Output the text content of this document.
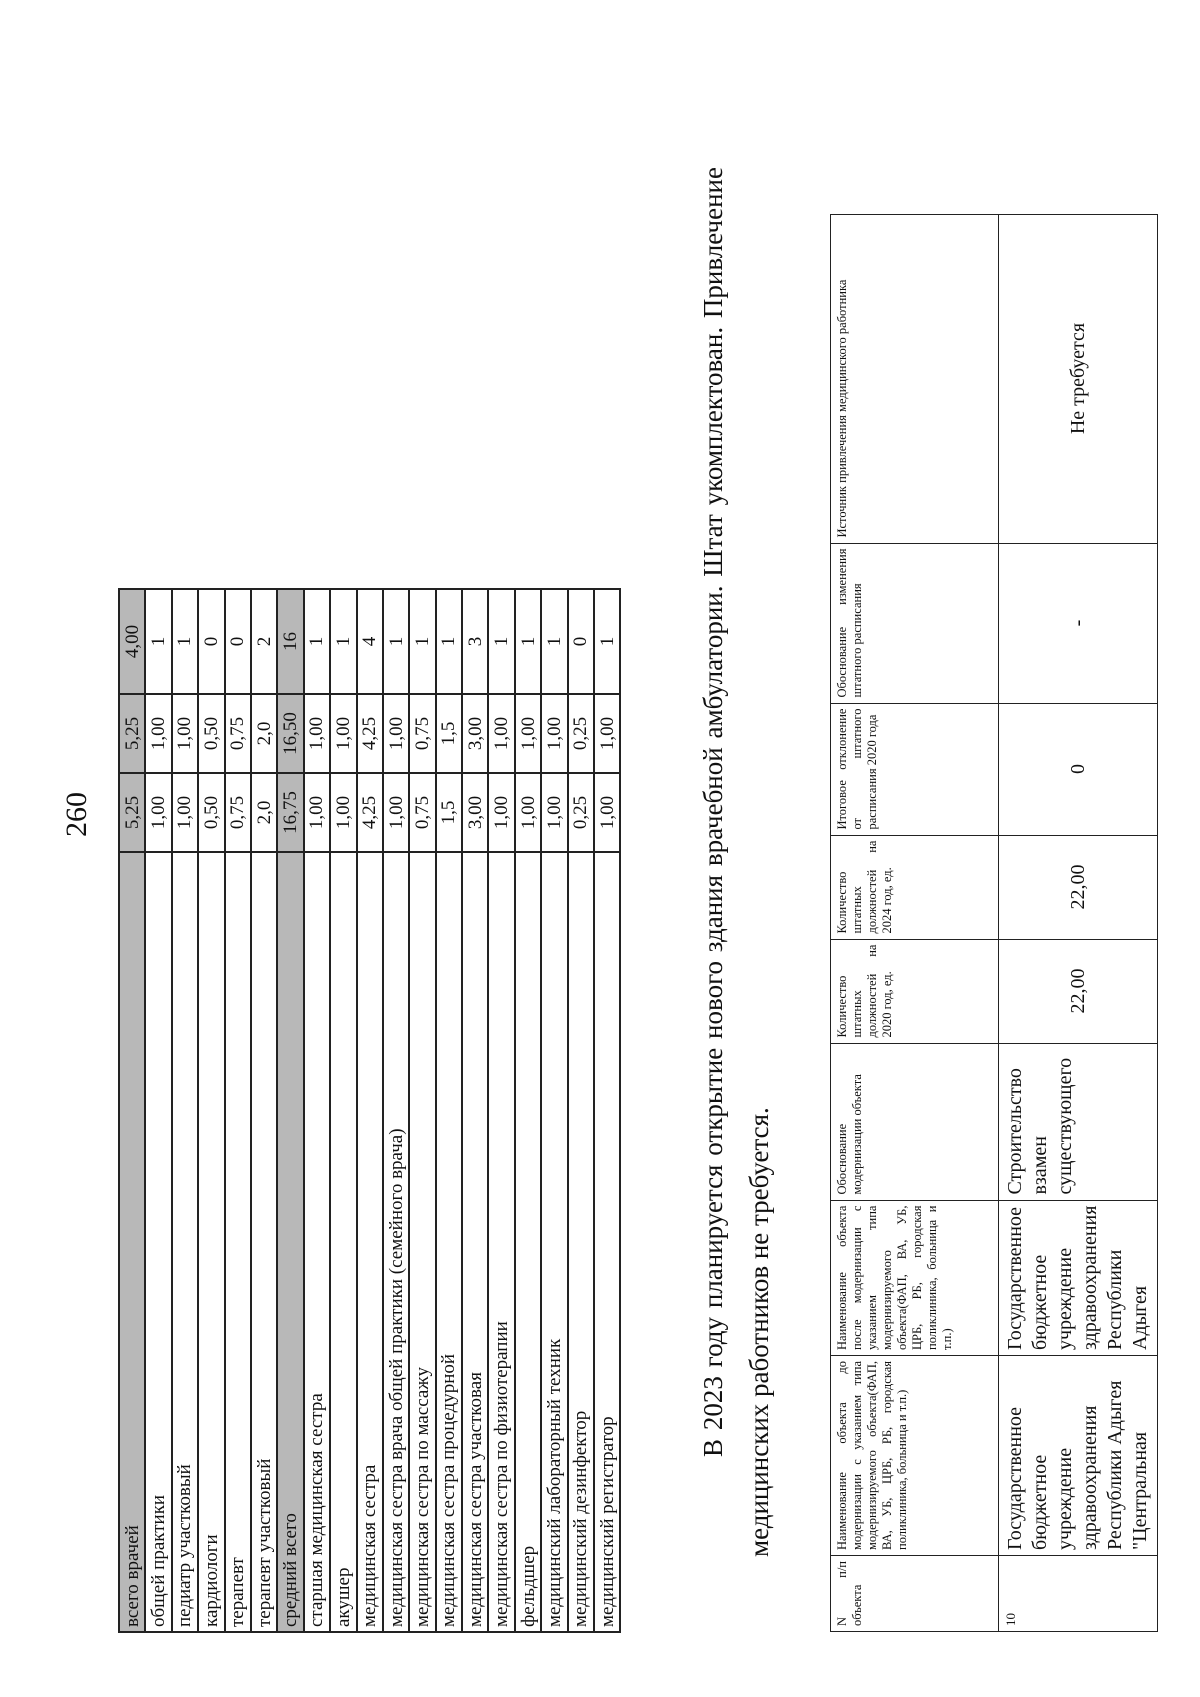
260
всего врачей	5,25	5,25	4,00
общей практики	1,00	1,00	1
педиатр участковый	1,00	1,00	1
кардиологи	0,50	0,50	0
терапевт	0,75	0,75	0
терапевт участковый	2,0	2,0	2
средний всего	16,75	16,50	16
старшая медицинская сестра	1,00	1,00	1
акушер	1,00	1,00	1
медицинская сестра	4,25	4,25	4
медицинская сестра врача общей практики (семейного врача)	1,00	1,00	1
медицинская сестра по массажу	0,75	0,75	1
медицинская сестра процедурной	1,5	1,5	1
медицинская сестра участковая	3,00	3,00	3
медицинская сестра по физиотерапии	1,00	1,00	1
фельдшер	1,00	1,00	1
медицинский лабораторный техник	1,00	1,00	1
медицинский дезинфектор	0,25	0,25	0
медицинский регистратор	1,00	1,00	1	В 2023 году планируется открытие нового здания врачебной амбулатории. Штат укомплектован. Привлечение медицинских работников не требуется.

N п/п объекта	Наименование объекта до модернизации с указанием типа модернизируемого объекта(ФАП, ВА, УБ, ЦРБ, РБ, городская поликлиника, больница и т.п.)	Наименование объекта после модернизации с указанием типа модернизируемого объекта(ФАП, ВА, УБ, ЦРБ, РБ, городская поликлиника, больница и т.п.)	Обоснование модернизации объекта	Количество штатных должностей на 2020 год, ед.	Количество штатных должностей на 2024 год, ед.	Итоговое отклонение от штатного расписания 2020 года	Обоснование изменения штатного расписания	Источник привлечения медицинского работника
10	Государственное бюджетное учреждение здравоохранения Республики Адыгея "Центральная	Государственное бюджетное учреждение здравоохранения Республики Адыгея	Строительство взамен существующего	22,00	22,00	0	-	Не требуется
